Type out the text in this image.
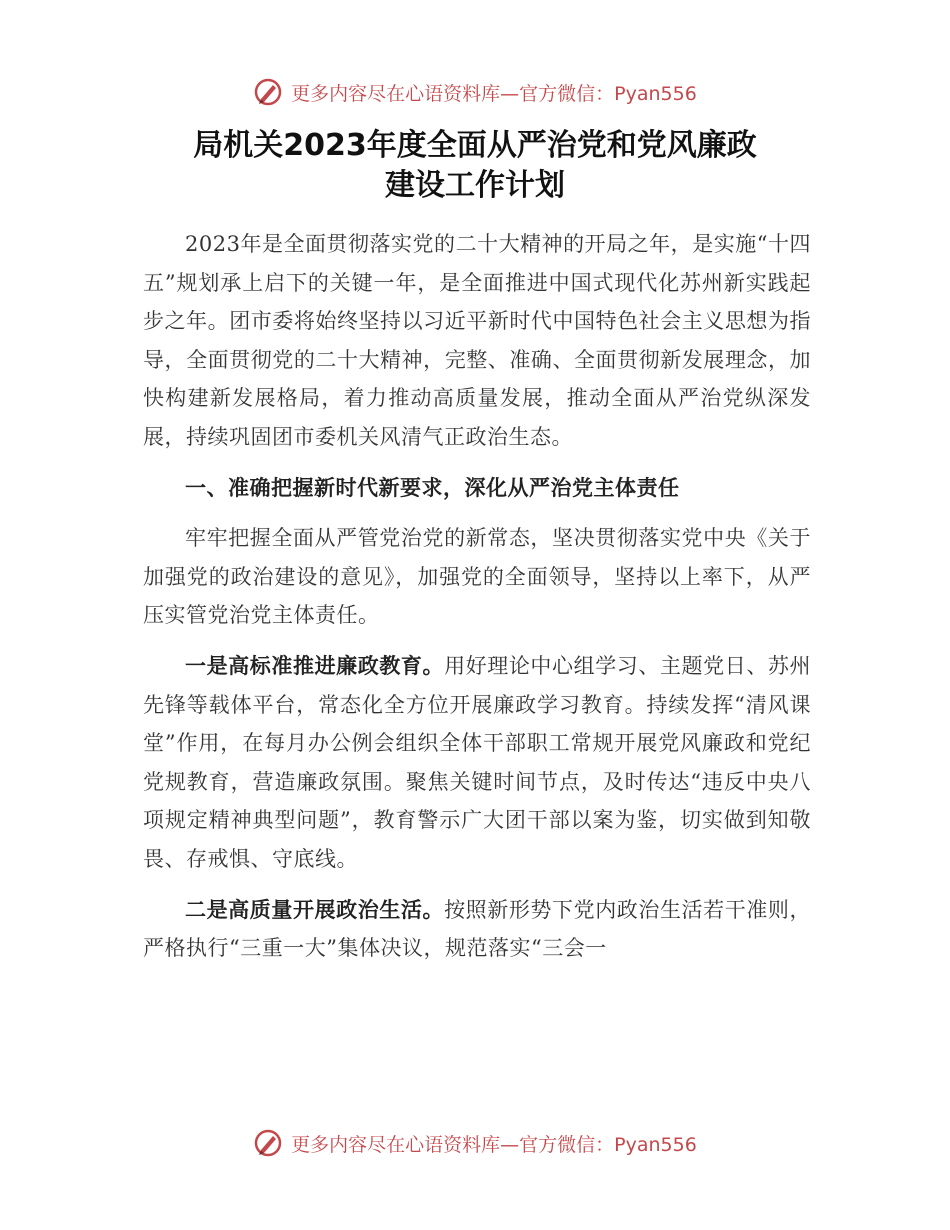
更多内容尽在心语资料库—官方微信：Pyan556
局机关2023年度全面从严治党和党风廉政
建设工作计划

2023年是全面贯彻落实党的二十大精神的开局之年，是实施“十四五”规划承上启下的关键一年，是全面推进中国式现代化苏州新实践起步之年。团市委将始终坚持以习近平新时代中国特色社会主义思想为指导，全面贯彻党的二十大精神，完整、准确、全面贯彻新发展理念，加快构建新发展格局，着力推动高质量发展，推动全面从严治党纵深发展，持续巩固团市委机关风清气正政治生态。

一、准确把握新时代新要求，深化从严治党主体责任

牢牢把握全面从严管党治党的新常态，坚决贯彻落实党中央《关于加强党的政治建设的意见》，加强党的全面领导，坚持以上率下，从严压实管党治党主体责任。

一是高标准推进廉政教育。用好理论中心组学习、主题党日、苏州先锋等载体平台，常态化全方位开展廉政学习教育。持续发挥“清风课堂”作用，在每月办公例会组织全体干部职工常规开展党风廉政和党纪党规教育，营造廉政氛围。聚焦关键时间节点，及时传达“违反中央八项规定精神典型问题”，教育警示广大团干部以案为鉴，切实做到知敬畏、存戒惧、守底线。

二是高质量开展政治生活。按照新形势下党内政治生活若干准则，严格执行“三重一大”集体决议，规范落实“三会一

更多内容尽在心语资料库—官方微信：Pyan556
